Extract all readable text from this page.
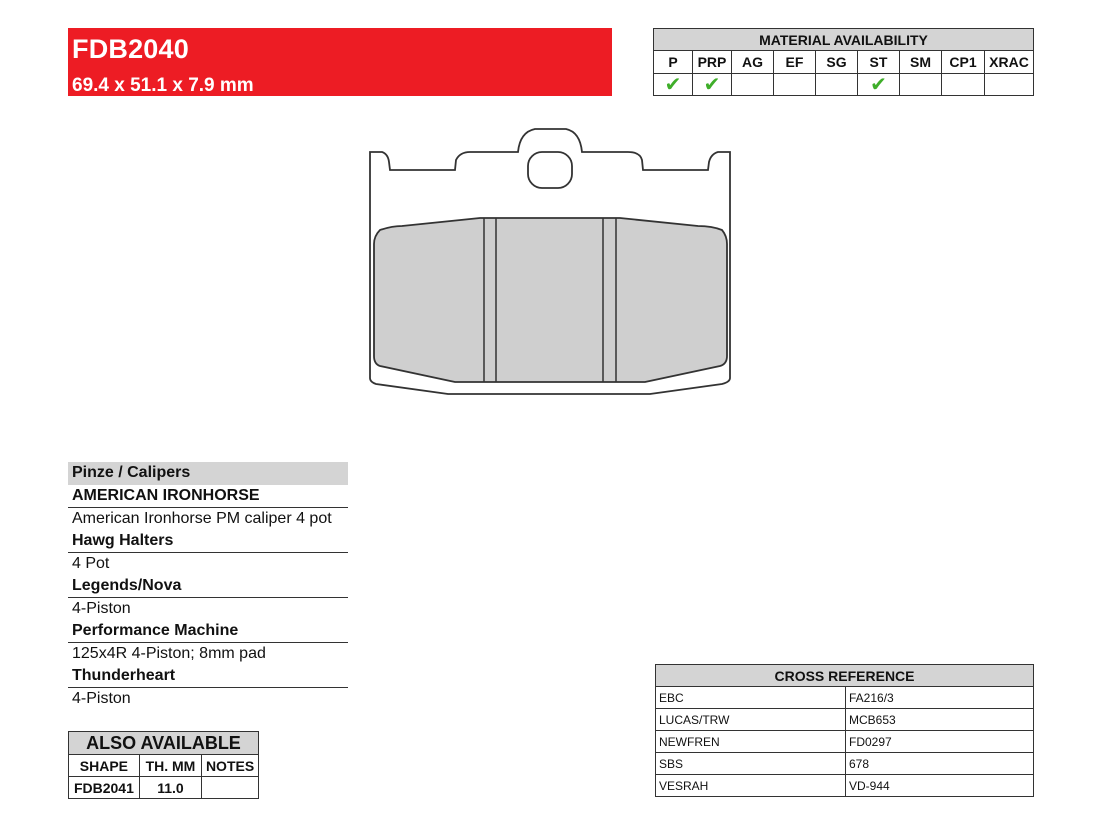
FDB2040
69.4 x 51.1 x 7.9 mm
MATERIAL AVAILABILITY								
P	PRP	AG	EF	SG	ST	SM	CP1	XRAC
✔	✔				✔			
Pinze / Calipers
AMERICAN IRONHORSE
American Ironhorse PM caliper 4 pot
Hawg Halters
4 Pot
Legends/Nova
4-Piston
Performance Machine
125x4R 4-Piston; 8mm pad
Thunderheart
4-Piston
ALSO AVAILABLE		
SHAPE	TH. MM	NOTES
FDB2041	11.0	
CROSS REFERENCE	
EBC	FA216/3
LUCAS/TRW	MCB653
NEWFREN	FD0297
SBS	678
VESRAH	VD-944
